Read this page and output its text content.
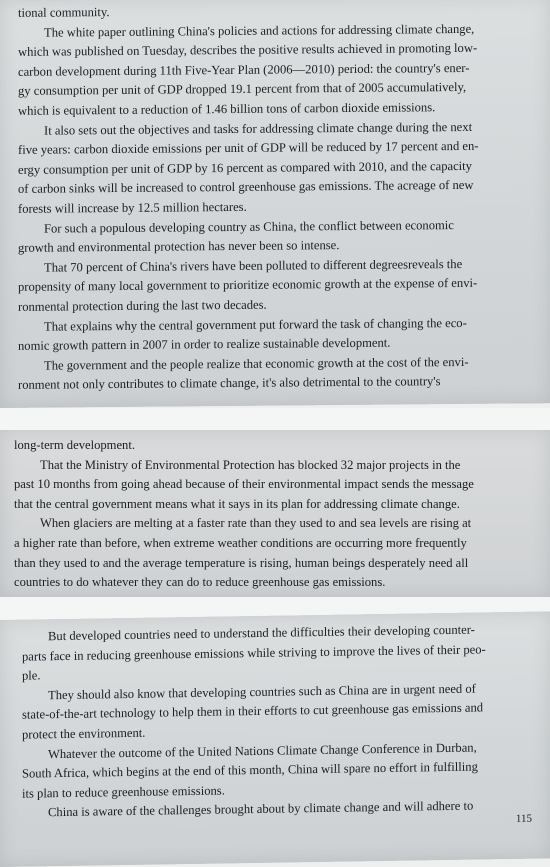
tional community.
The white paper outlining China's policies and actions for addressing climate change,
which was published on Tuesday, describes the positive results achieved in promoting low-
carbon development during 11th Five-Year Plan (2006—2010) period: the country's ener-
gy consumption per unit of GDP dropped 19.1 percent from that of 2005 accumulatively,
which is equivalent to a reduction of 1.46 billion tons of carbon dioxide emissions.
It also sets out the objectives and tasks for addressing climate change during the next
five years: carbon dioxide emissions per unit of GDP will be reduced by 17 percent and en-
ergy consumption per unit of GDP by 16 percent as compared with 2010, and the capacity
of carbon sinks will be increased to control greenhouse gas emissions. The acreage of new
forests will increase by 12.5 million hectares.
For such a populous developing country as China, the conflict between economic
growth and environmental protection has never been so intense.
That 70 percent of China's rivers have been polluted to different degreesreveals the
propensity of many local government to prioritize economic growth at the expense of envi-
ronmental protection during the last two decades.
That explains why the central government put forward the task of changing the eco-
nomic growth pattern in 2007 in order to realize sustainable development.
The government and the people realize that economic growth at the cost of the envi-
ronment not only contributes to climate change, it's also detrimental to the country's
long-term development.
That the Ministry of Environmental Protection has blocked 32 major projects in the
past 10 months from going ahead because of their environmental impact sends the message
that the central government means what it says in its plan for addressing climate change.
When glaciers are melting at a faster rate than they used to and sea levels are rising at
a higher rate than before, when extreme weather conditions are occurring more frequently
than they used to and the average temperature is rising, human beings desperately need all
countries to do whatever they can do to reduce greenhouse gas emissions.
But developed countries need to understand the difficulties their developing counter-
parts face in reducing greenhouse emissions while striving to improve the lives of their peo-
ple.
They should also know that developing countries such as China are in urgent need of
state-of-the-art technology to help them in their efforts to cut greenhouse gas emissions and
protect the environment.
Whatever the outcome of the United Nations Climate Change Conference in Durban,
South Africa, which begins at the end of this month, China will spare no effort in fulfilling
its plan to reduce greenhouse emissions.
China is aware of the challenges brought about by climate change and will adhere to	115
